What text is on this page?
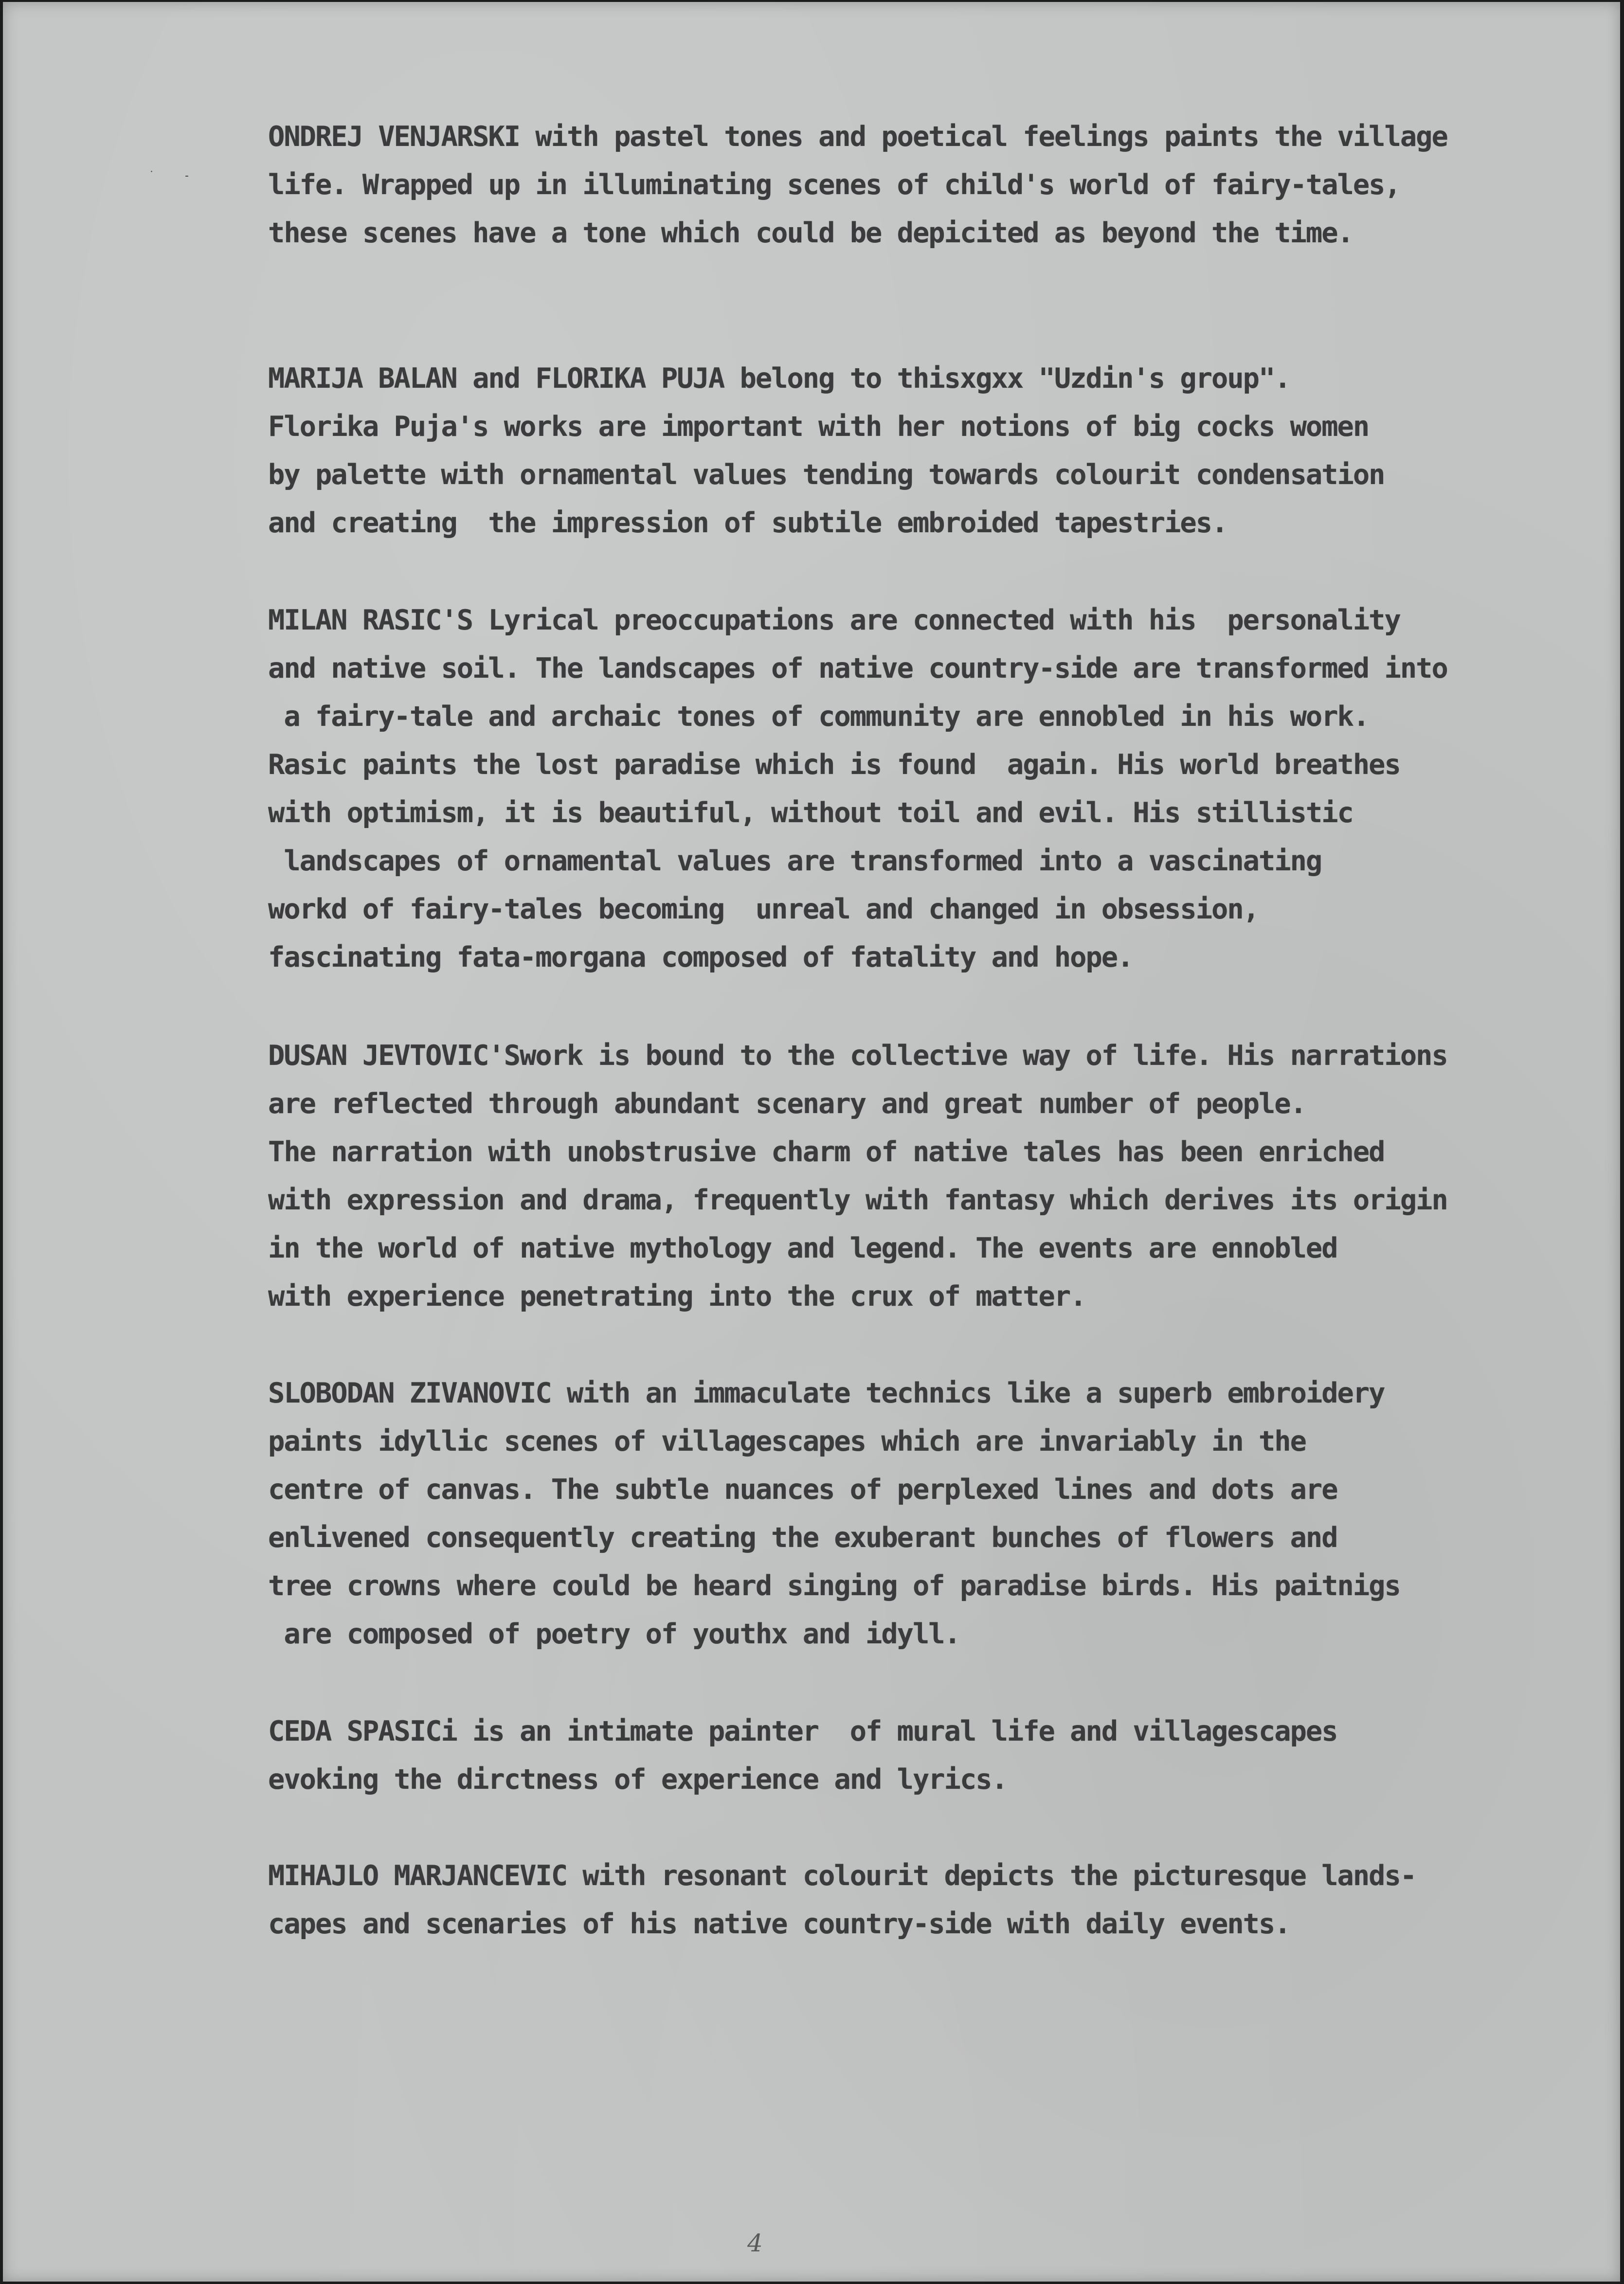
˙ ‐

ONDREJ VENJARSKI with pastel tones and poetical feelings paints the village
life. Wrapped up in illuminating scenes of child's world of fairy-tales,
these scenes have a tone which could be depicited as beyond the time.

MARIJA BALAN and FLORIKA PUJA belong to thisxgxx "Uzdin's group".
Florika Puja's works are important with her notions of big cocks women
by palette with ornamental values tending towards colourit condensation
and creating  the impression of subtile embroided tapestries.

MILAN RASIC'S Lyrical preoccupations are connected with his  personality
and native soil. The landscapes of native country-side are transformed into
a fairy-tale and archaic tones of community are ennobled in his work.
Rasic paints the lost paradise which is found  again. His world breathes
with optimism, it is beautiful, without toil and evil. His stillistic
landscapes of ornamental values are transformed into a vascinating
workd of fairy-tales becoming  unreal and changed in obsession,
fascinating fata-morgana composed of fatality and hope.

DUSAN JEVTOVIC'Swork is bound to the collective way of life. His narrations
are reflected through abundant scenary and great number of people.
The narration with unobstrusive charm of native tales has been enriched
with expression and drama, frequently with fantasy which derives its origin
in the world of native mythology and legend. The events are ennobled
with experience penetrating into the crux of matter.

SLOBODAN ZIVANOVIC with an immaculate technics like a superb embroidery
paints idyllic scenes of villagescapes which are invariably in the
centre of canvas. The subtle nuances of perplexed lines and dots are
enlivened consequently creating the exuberant bunches of flowers and
tree crowns where could be heard singing of paradise birds. His paitnigs
are composed of poetry of youthx and idyll.

CEDA SPASICi is an intimate painter  of mural life and villagescapes
evoking the dirctness of experience and lyrics.

MIHAJLO MARJANCEVIC with resonant colourit depicts the picturesque lands-
capes and scenaries of his native country-side with daily events.

4
